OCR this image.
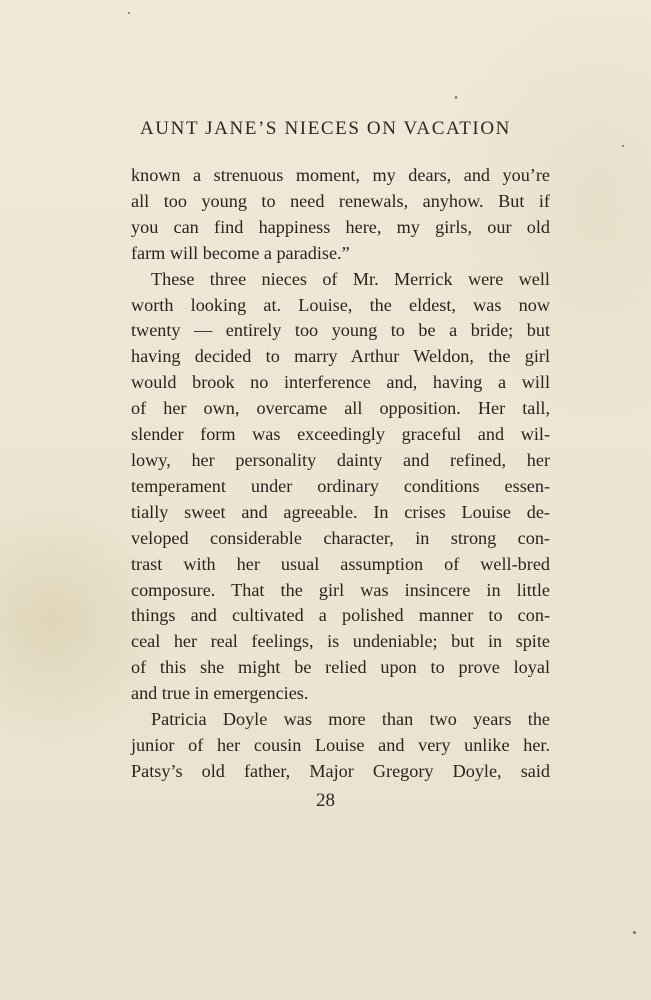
AUNT JANE’S NIECES ON VACATION

known a strenuous moment, my dears, and you’re
all too young to need renewals, anyhow. But if
you can find happiness here, my girls, our old
farm will become a paradise.”

These three nieces of Mr. Merrick were well
worth looking at. Louise, the eldest, was now
twenty — entirely too young to be a bride; but
having decided to marry Arthur Weldon, the girl
would brook no interference and, having a will
of her own, overcame all opposition. Her tall,
slender form was exceedingly graceful and wil-
lowy, her personality dainty and refined, her
temperament under ordinary conditions essen-
tially sweet and agreeable. In crises Louise de-
veloped considerable character, in strong con-
trast with her usual assumption of well-bred
composure. That the girl was insincere in little
things and cultivated a polished manner to con-
ceal her real feelings, is undeniable; but in spite
of this she might be relied upon to prove loyal
and true in emergencies.

Patricia Doyle was more than two years the
junior of her cousin Louise and very unlike her.
Patsy’s old father, Major Gregory Doyle, said

28
